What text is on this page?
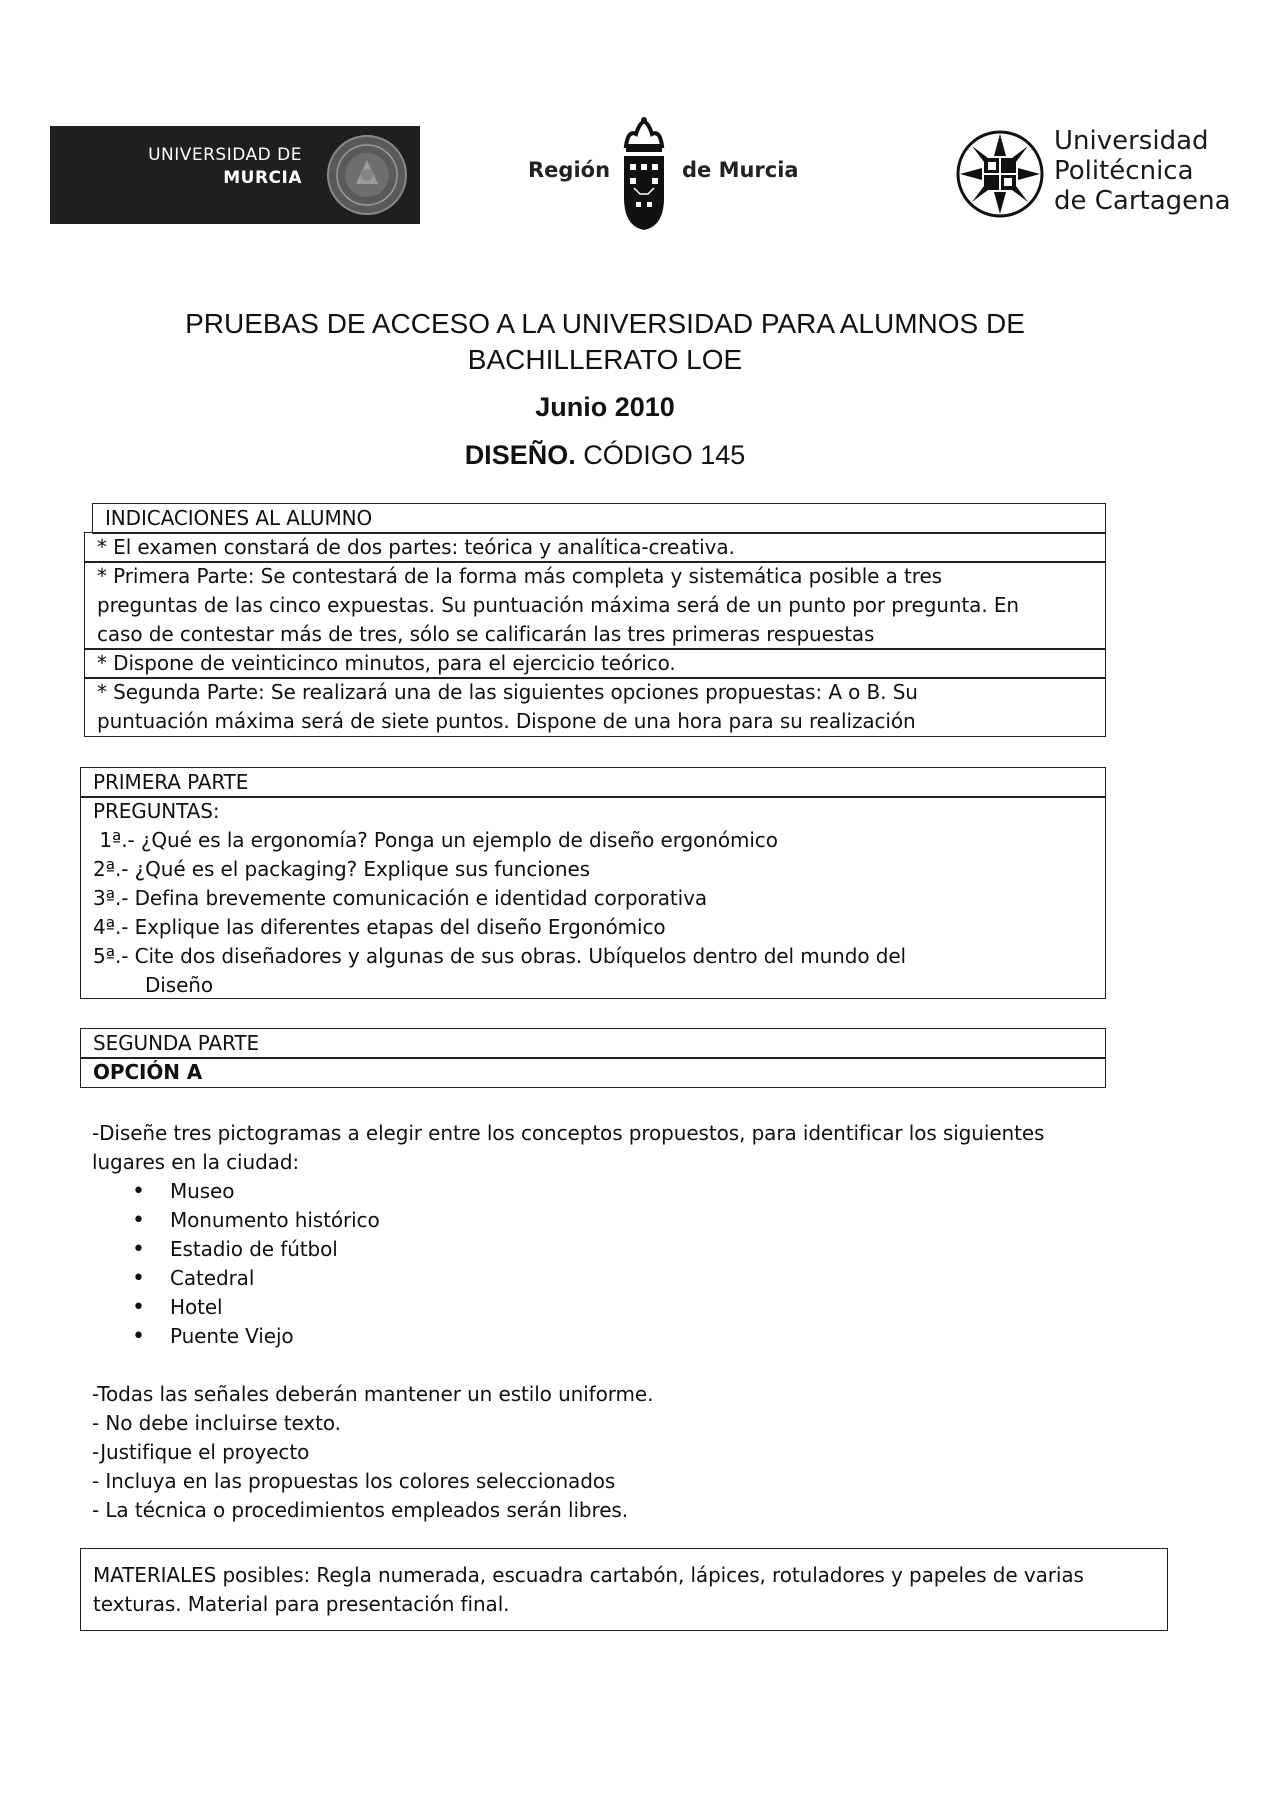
UNIVERSIDAD DE
MURCIA	Región	de Murcia
Universidad
Politécnica
de Cartagena
PRUEBAS DE ACCESO A LA UNIVERSIDAD PARA ALUMNOS DE
BACHILLERATO LOE
Junio 2010
DISEÑO. CÓDIGO 145
INDICACIONES AL ALUMNO
* El examen constará de dos partes: teórica y analítica-creativa.
* Primera Parte: Se contestará de la forma más completa y sistemática posible a tres
preguntas de las cinco expuestas. Su puntuación máxima será de un punto por pregunta. En
caso de contestar más de tres, sólo se calificarán las tres primeras respuestas
* Dispone de veinticinco minutos, para el ejercicio teórico.
* Segunda Parte: Se realizará una de las siguientes opciones propuestas: A o B. Su
puntuación máxima será de siete puntos. Dispone de una hora para su realización
PRIMERA PARTE
PREGUNTAS:
1ª.- ¿Qué es la ergonomía? Ponga un ejemplo de diseño ergonómico
2ª.- ¿Qué es el packaging? Explique sus funciones
3ª.- Defina brevemente comunicación e identidad corporativa
4ª.- Explique las diferentes etapas del diseño Ergonómico
5ª.- Cite dos diseñadores y algunas de sus obras. Ubíquelos dentro del mundo del
Diseño
SEGUNDA PARTE
OPCIÓN A
-Diseñe tres pictogramas a elegir entre los conceptos propuestos, para identificar los siguientes
lugares en la ciudad:
• Museo
• Monumento histórico
• Estadio de fútbol
• Catedral
• Hotel
• Puente Viejo
-Todas las señales deberán mantener un estilo uniforme.
- No debe incluirse texto.
-Justifique el proyecto
- Incluya en las propuestas los colores seleccionados
- La técnica o procedimientos empleados serán libres.
MATERIALES posibles: Regla numerada, escuadra cartabón, lápices, rotuladores y papeles de varias
texturas. Material para presentación final.
